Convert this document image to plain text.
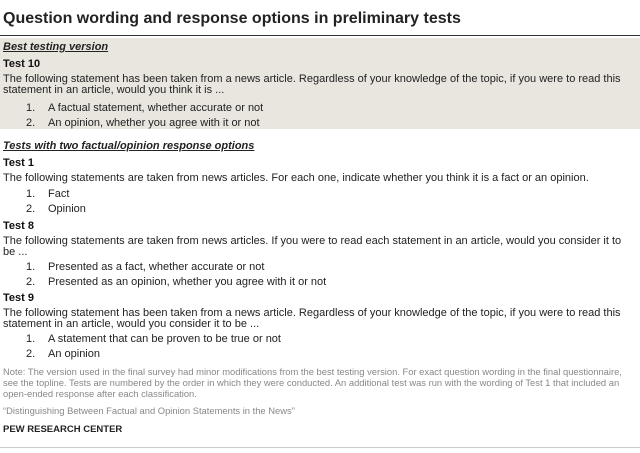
Question wording and response options in preliminary tests
Best testing version
Test 10
The following statement has been taken from a news article. Regardless of your knowledge of the topic, if you were to read this statement in an article, would you think it is ...
1. A factual statement, whether accurate or not
2. An opinion, whether you agree with it or not
Tests with two factual/opinion response options
Test 1
The following statements are taken from news articles. For each one, indicate whether you think it is a fact or an opinion.
1. Fact
2. Opinion
Test 8
The following statements are taken from news articles. If you were to read each statement in an article, would you consider it to be ...
1. Presented as a fact, whether accurate or not
2. Presented as an opinion, whether you agree with it or not
Test 9
The following statement has been taken from a news article. Regardless of your knowledge of the topic, if you were to read this statement in an article, would you consider it to be ...
1. A statement that can be proven to be true or not
2. An opinion
Note: The version used in the final survey had minor modifications from the best testing version. For exact question wording in the final questionnaire, see the topline. Tests are numbered by the order in which they were conducted. An additional test was run with the wording of Test 1 that included an open-ended response after each classification.
“Distinguishing Between Factual and Opinion Statements in the News”
PEW RESEARCH CENTER
